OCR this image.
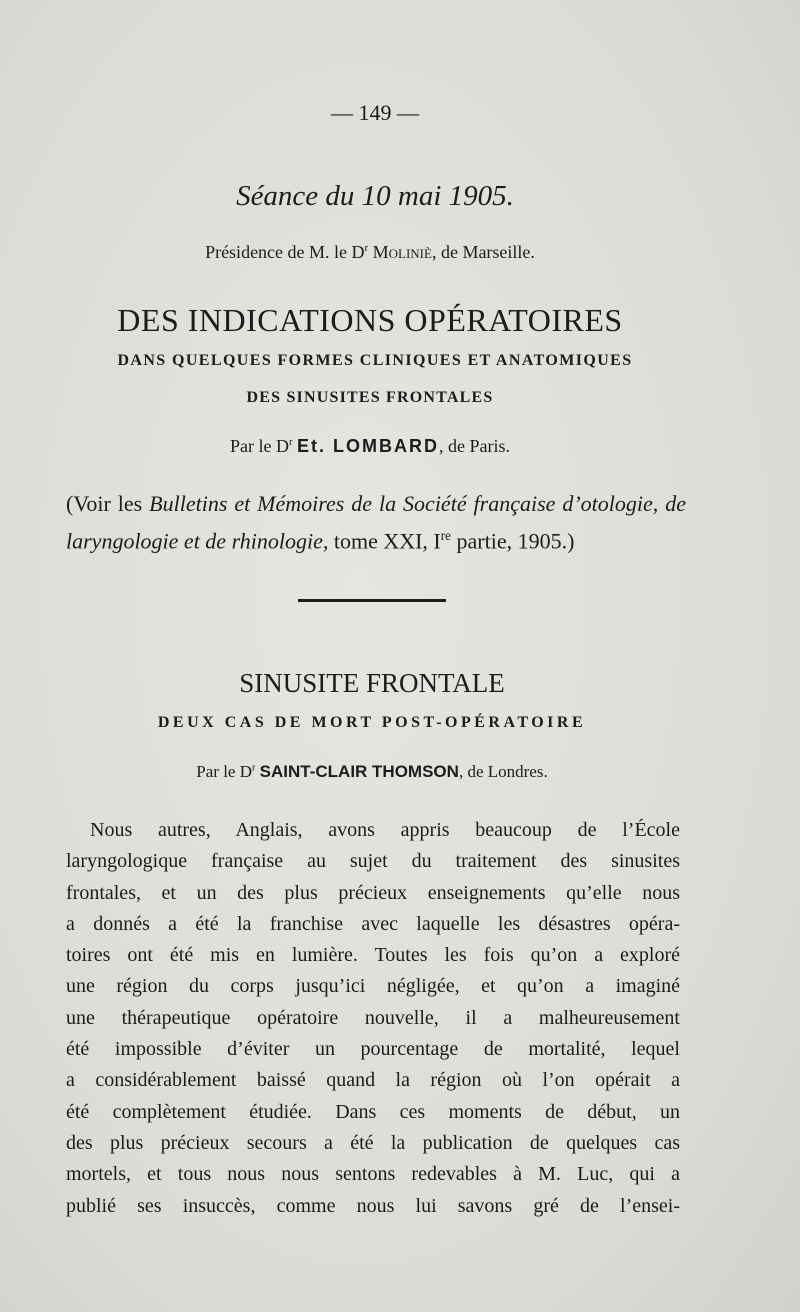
— 149 —
Séance du 10 mai 1905.
Présidence de M. le $D^r$ Moliniè, de Marseille.
DES INDICATIONS OPÉRATOIRES
DANS QUELQUES FORMES CLINIQUES ET ANATOMIQUES
DES SINUSITES FRONTALES
Par le $D^r$ Et. LOMBARD, de Paris.
(Voir les Bulletins et Mémoires de la Société française d’otologie, de laryngologie et de rhinologie, tome XXI, Ire partie, 1905.)
SINUSITE FRONTALE
DEUX CAS DE MORT POST-OPÉRATOIRE
Par le $D^r$ SAINT-CLAIR THOMSON, de Londres.
Nous autres, Anglais, avons appris beaucoup de l’École
laryngologique française au sujet du traitement des sinusites
frontales, et un des plus précieux enseignements qu’elle nous
a donnés a été la franchise avec laquelle les désastres opéra-
toires ont été mis en lumière. Toutes les fois qu’on a exploré
une région du corps jusqu’ici négligée, et qu’on a imaginé
une thérapeutique opératoire nouvelle, il a malheureusement
été impossible d’éviter un pourcentage de mortalité, lequel
a considérablement baissé quand la région où l’on opérait a
été complètement étudiée. Dans ces moments de début, un
des plus précieux secours a été la publication de quelques cas
mortels, et tous nous nous sentons redevables à M. Luc, qui a
publié ses insuccès, comme nous lui savons gré de l’ensei-
